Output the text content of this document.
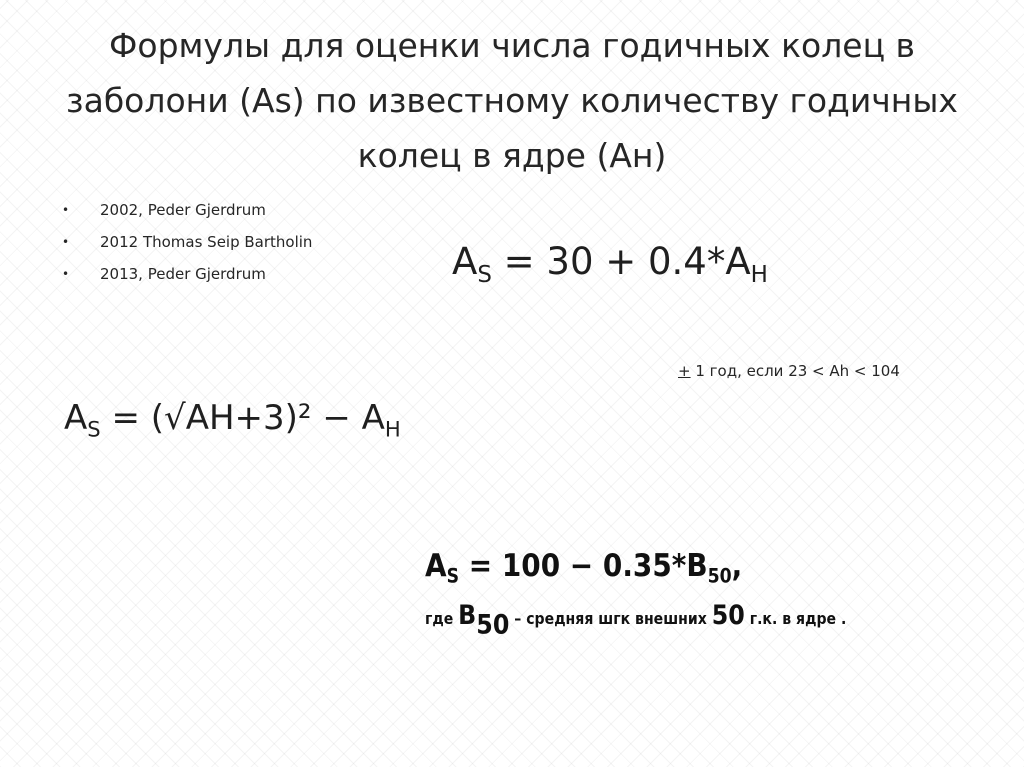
Формулы для оценки числа годичных колец в заболони (As) по известному количеству годичных колец в ядре (Ан)
• 2002, Peder Gjerdrum
• 2012 Thomas Seip Bartholin
• 2013, Peder Gjerdrum	$A_S = 30 + 0.4*A_H$
+ 1 год, если 23 < Ah < 104
$A_S = (√AH+3)^2 - A_H$
$A_S = 100 - 0.35*B_{50}$,
где $B_{50}$ – средняя шгк внешних 50 г.к. в ядре .
